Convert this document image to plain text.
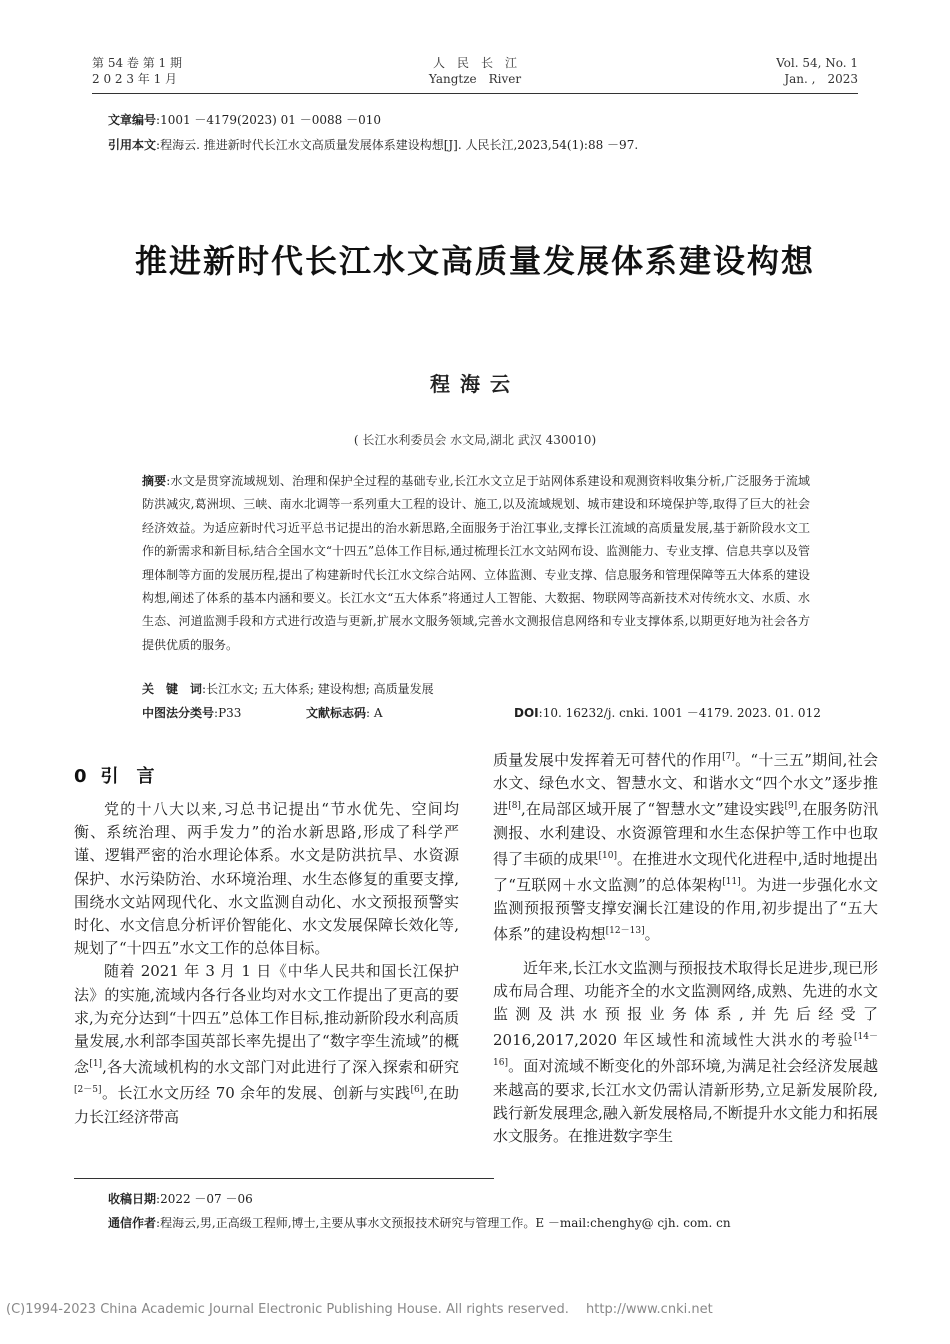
第 54 卷 第 1 期
2 0 2 3 年 1 月
人　民　长　江
Yangtze　River
Vol. 54, No. 1
Jan. ,　2023
文章编号:1001 －4179(2023) 01 －0088 －010
引用本文:程海云. 推进新时代长江水文高质量发展体系建设构想[J]. 人民长江,2023,54(1):88 －97.
推进新时代长江水文高质量发展体系建设构想
程海云
( 长江水利委员会 水文局,湖北 武汉 430010)
摘要:水文是贯穿流域规划、治理和保护全过程的基础专业,长江水文立足于站网体系建设和观测资料收集分析,广泛服务于流域防洪减灾,葛洲坝、三峡、南水北调等一系列重大工程的设计、施工,以及流域规划、城市建设和环境保护等,取得了巨大的社会经济效益。为适应新时代习近平总书记提出的治水新思路,全面服务于治江事业,支撑长江流域的高质量发展,基于新阶段水文工作的新需求和新目标,结合全国水文“十四五”总体工作目标,通过梳理长江水文站网布设、监测能力、专业支撑、信息共享以及管理体制等方面的发展历程,提出了构建新时代长江水文综合站网、立体监测、专业支撑、信息服务和管理保障等五大体系的建设构想,阐述了体系的基本内涵和要义。长江水文“五大体系”将通过人工智能、大数据、物联网等高新技术对传统水文、水质、水生态、河道监测手段和方式进行改造与更新,扩展水文服务领域,完善水文测报信息网络和专业支撑体系,以期更好地为社会各方提供优质的服务。
关　键　词:长江水文; 五大体系; 建设构想; 高质量发展
中图法分类号:P33	文献标志码: A	DOI:10. 16232/j. cnki. 1001 －4179. 2023. 01. 012
0 引　言

党的十八大以来,习总书记提出“节水优先、空间均衡、系统治理、两手发力”的治水新思路,形成了科学严谨、逻辑严密的治水理论体系。水文是防洪抗旱、水资源保护、水污染防治、水环境治理、水生态修复的重要支撑,围绕水文站网现代化、水文监测自动化、水文预报预警实时化、水文信息分析评价智能化、水文发展保障长效化等,规划了“十四五”水文工作的总体目标。

随着 2021 年 3 月 1 日《中华人民共和国长江保护法》的实施,流域内各行各业均对水文工作提出了更高的要求,为充分达到“十四五”总体工作目标,推动新阶段水利高质量发展,水利部李国英部长率先提出了“数字孪生流域”的概念[1],各大流域机构的水文部门对此进行了深入探索和研究[2－5]。长江水文历经 70 余年的发展、创新与实践[6],在助力长江经济带高

质量发展中发挥着无可替代的作用[7]。“十三五”期间,社会水文、绿色水文、智慧水文、和谐水文“四个水文”逐步推进[8],在局部区域开展了“智慧水文”建设实践[9],在服务防汛测报、水利建设、水资源管理和水生态保护等工作中也取得了丰硕的成果[10]。在推进水文现代化进程中,适时地提出了“互联网＋水文监测”的总体架构[11]。为进一步强化水文监测预报预警支撑安澜长江建设的作用,初步提出了“五大体系”的建设构想[12－13]。

近年来,长江水文监测与预报技术取得长足进步,现已形成布局合理、功能齐全的水文监测网络,成熟、先进的水文监测及洪水预报业务体系,并先后经受了 2016,2017,2020 年区域性和流域性大洪水的考验[14－16]。面对流域不断变化的外部环境,为满足社会经济发展越来越高的要求,长江水文仍需认清新形势,立足新发展阶段,践行新发展理念,融入新发展格局,不断提升水文能力和拓展水文服务。在推进数字孪生

收稿日期:2022 －07 －06
通信作者:程海云,男,正高级工程师,博士,主要从事水文预报技术研究与管理工作。E －mail:chenghy@ cjh. com. cn
(C)1994-2023 China Academic Journal Electronic Publishing House. All rights reserved.　 http://www.cnki.net
